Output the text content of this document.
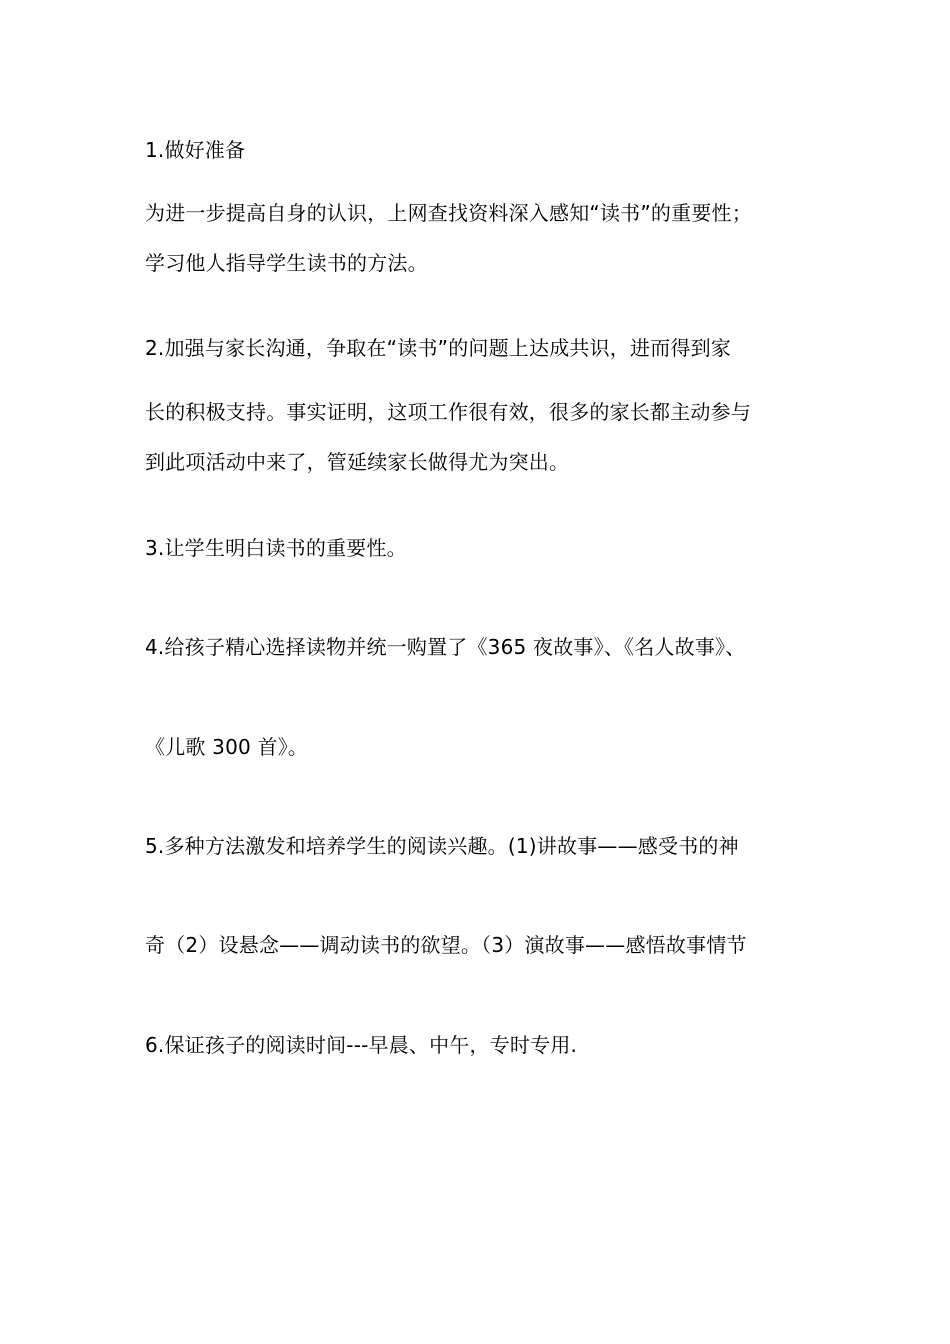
1.做好准备
为进一步提高自身的认识，上网查找资料深入感知“读书”的重要性；
学习他人指导学生读书的方法。
2.加强与家长沟通，争取在“读书”的问题上达成共识，进而得到家
长的积极支持。事实证明，这项工作很有效，很多的家长都主动参与
到此项活动中来了，管延续家长做得尤为突出。
3.让学生明白读书的重要性。
4.给孩子精心选择读物并统一购置了《365 夜故事》、《名人故事》、
《儿歌 300 首》。
5.多种方法激发和培养学生的阅读兴趣。(1)讲故事——感受书的神
奇（2）设悬念——调动读书的欲望。（3）演故事——感悟故事情节
6.保证孩子的阅读时间---早晨、中午，专时专用.
